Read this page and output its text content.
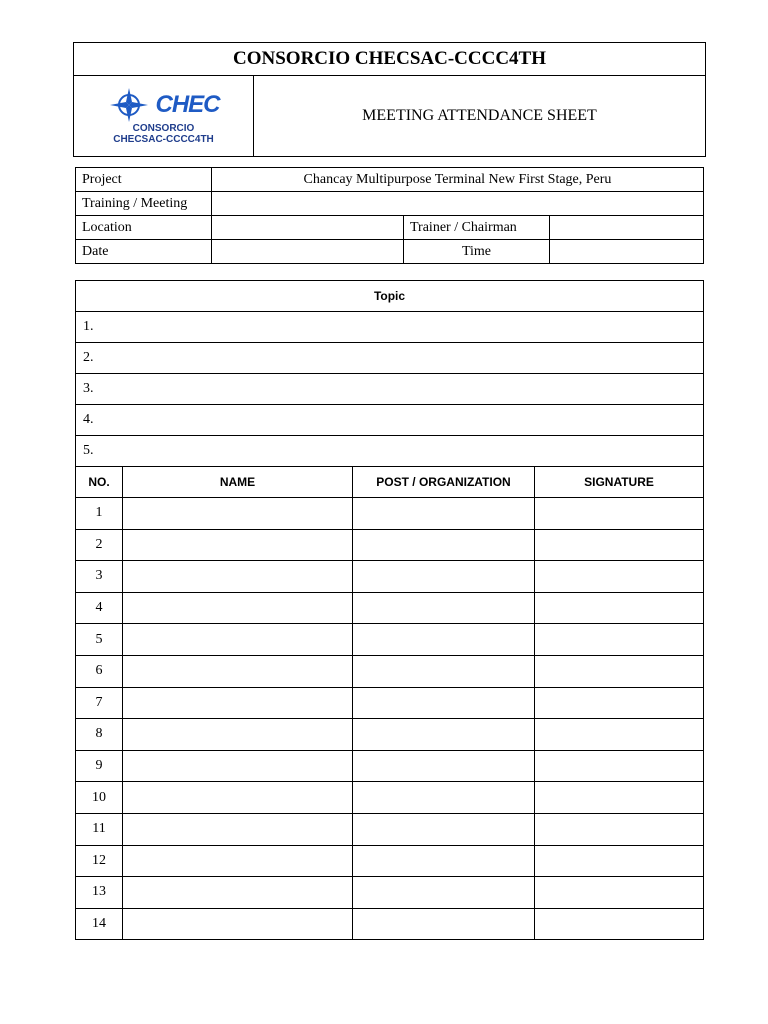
CONSORCIO CHECSAC-CCCC4TH

CHEC
CONSORCIO
CHECSAC-CCCC4TH
	MEETING ATTENDANCE SHEET
Project	Chancay Multipurpose Terminal New First Stage, Peru		
Training / Meeting			
Location		Trainer / Chairman	
Date		Time	
Topic			
1.			
2.			
3.			
4.			
5.			
NO.	NAME	POST / ORGANIZATION	SIGNATURE
1			
2			
3			
4			
5			
6			
7			
8			
9			
10			
11			
12			
13			
14			
